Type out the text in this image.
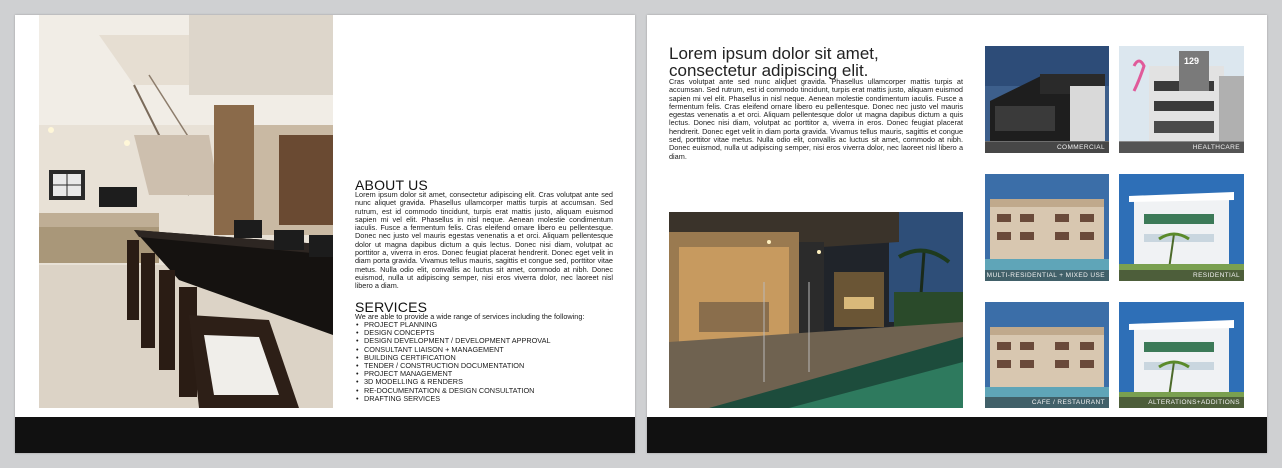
ABOUT US
Lorem ipsum dolor sit amet, consectetur adipiscing elit. Cras volutpat ante sed nunc aliquet gravida. Phasellus ullamcorper mattis turpis at accumsan. Sed rutrum, est id commodo tincidunt, turpis erat mattis justo, aliquam euismod sapien mi vel elit. Phasellus in nisl neque. Aenean molestie condimentum iaculis. Fusce a fermentum felis. Cras eleifend ornare libero eu pellentesque. Donec nec justo vel mauris egestas venenatis a et orci. Aliquam pellentesque dolor ut magna dapibus dictum a quis lectus. Donec nisi diam, volutpat ac porttitor a, viverra in eros. Donec feugiat placerat hendrerit. Donec eget velit in diam porta gravida. Vivamus tellus mauris, sagittis et congue sed, porttitor vitae metus. Nulla odio elit, convallis ac luctus sit amet, commodo at nibh. Donec euismod, nulla ut adipiscing semper, nisi eros viverra dolor, nec laoreet nisl libero a diam.
SERVICES
We are able to provide a wide range of services including the following:
• PROJECT PLANNING
• DESIGN CONCEPTS
• DESIGN DEVELOPMENT / DEVELOPMENT APPROVAL
• CONSULTANT LIAISON + MANAGEMENT
• BUILDING CERTIFICATION
• TENDER / CONSTRUCTION DOCUMENTATION
• PROJECT MANAGEMENT
• 3D MODELLING & RENDERS
• RE-DOCUMENTATION & DESIGN CONSULTATION
• DRAFTING SERVICES
Lorem ipsum dolor sit amet,
consectetur adipiscing elit.
Cras volutpat ante sed nunc aliquet gravida. Phasellus ullamcorper mattis turpis at accumsan. Sed rutrum, est id commodo tincidunt, turpis erat mattis justo, aliquam euismod sapien mi vel elit. Phasellus in nisl neque. Aenean molestie condimentum iaculis. Fusce a fermentum felis. Cras eleifend ornare libero eu pellentesque. Donec nec justo vel mauris egestas venenatis a et orci. Aliquam pellentesque dolor ut magna dapibus dictum a quis lectus. Donec nisi diam, volutpat ac porttitor a, viverra in eros. Donec feugiat placerat hendrerit. Donec eget velit in diam porta gravida. Vivamus tellus mauris, sagittis et congue sed, porttitor vitae metus. Nulla odio elit, convallis ac luctus sit amet, commodo at nibh. Donec euismod, nulla ut adipiscing semper, nisi eros viverra dolor, nec laoreet nisl libero a diam.
COMMERCIAL
129
HEALTHCARE
MULTI-RESIDENTIAL + MIXED USE	RESIDENTIAL
CAFE / RESTAURANT	ALTERATIONS+ADDITIONS
